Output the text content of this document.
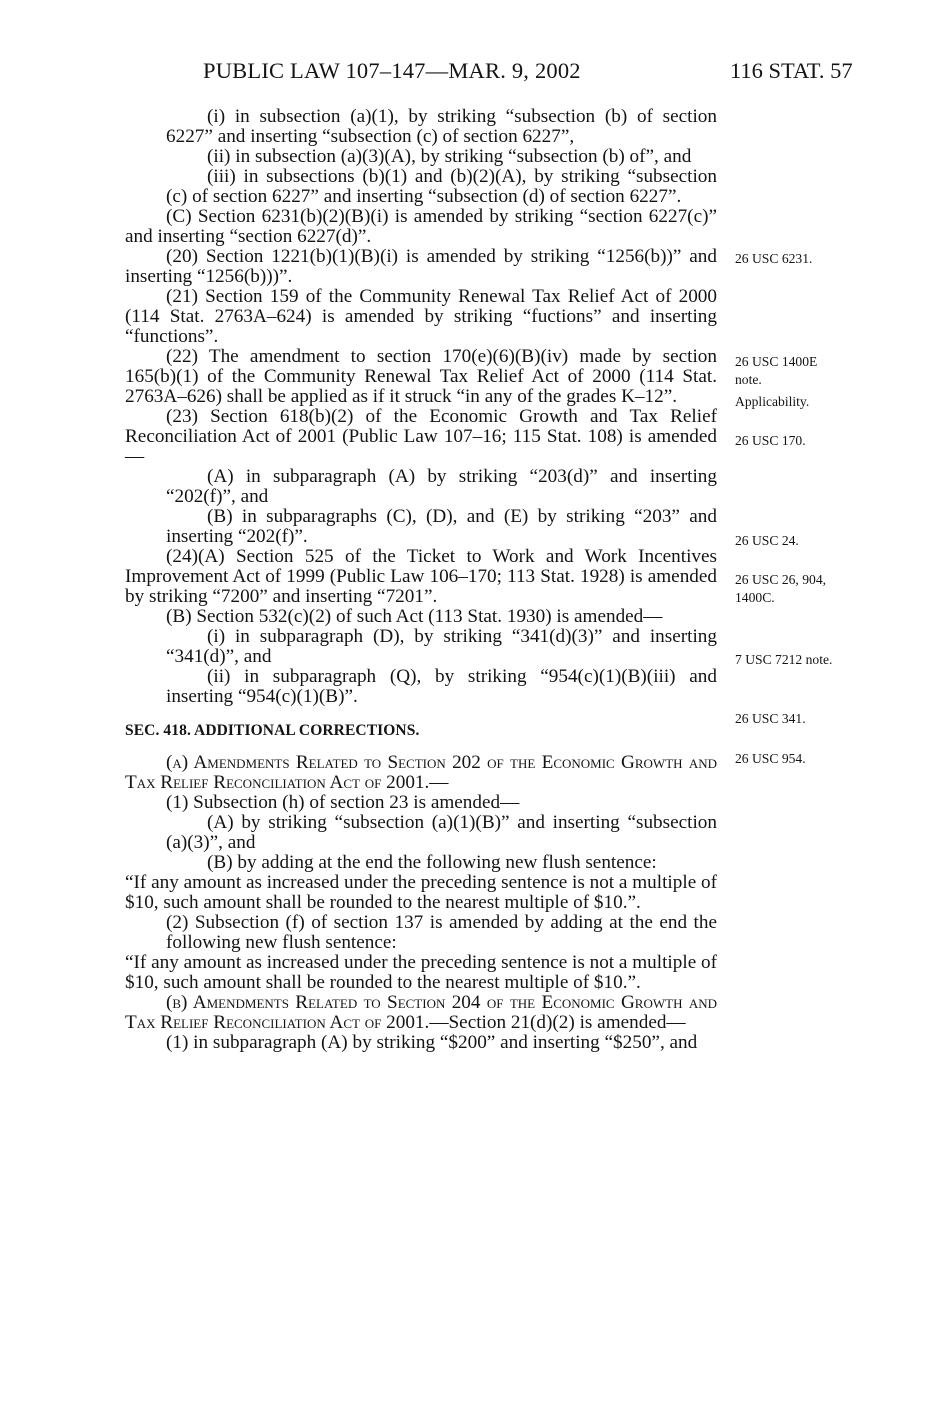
PUBLIC LAW 107–147—MAR. 9, 2002	116 STAT. 57

(i) in subsection (a)(1), by striking “subsection (b) of section 6227” and inserting “subsection (c) of section 6227”,

(ii) in subsection (a)(3)(A), by striking “subsection (b) of”, and

(iii) in subsections (b)(1) and (b)(2)(A), by striking “subsection (c) of section 6227” and inserting “subsection (d) of section 6227”.

(C) Section 6231(b)(2)(B)(i) is amended by striking “section 6227(c)” and inserting “section 6227(d)”.

(20) Section 1221(b)(1)(B)(i) is amended by striking “1256(b))” and inserting “1256(b)))”.

(21) Section 159 of the Community Renewal Tax Relief Act of 2000 (114 Stat. 2763A–624) is amended by striking “fuctions” and inserting “functions”.

(22) The amendment to section 170(e)(6)(B)(iv) made by section 165(b)(1) of the Community Renewal Tax Relief Act of 2000 (114 Stat. 2763A–626) shall be applied as if it struck “in any of the grades K–12”.

(23) Section 618(b)(2) of the Economic Growth and Tax Relief Reconciliation Act of 2001 (Public Law 107–16; 115 Stat. 108) is amended—

(A) in subparagraph (A) by striking “203(d)” and inserting “202(f)”, and

(B) in subparagraphs (C), (D), and (E) by striking “203” and inserting “202(f)”.

(24)(A) Section 525 of the Ticket to Work and Work Incentives Improvement Act of 1999 (Public Law 106–170; 113 Stat. 1928) is amended by striking “7200” and inserting “7201”.

(B) Section 532(c)(2) of such Act (113 Stat. 1930) is amended—

(i) in subparagraph (D), by striking “341(d)(3)” and inserting “341(d)”, and

(ii) in subparagraph (Q), by striking “954(c)(1)(B)(iii) and inserting “954(c)(1)(B)”.

SEC. 418. ADDITIONAL CORRECTIONS.

(a) Amendments Related to Section 202 of the Economic Growth and Tax Relief Reconciliation Act of 2001.—

(1) Subsection (h) of section 23 is amended—

(A) by striking “subsection (a)(1)(B)” and inserting “subsection (a)(3)”, and

(B) by adding at the end the following new flush sentence:

“If any amount as increased under the preceding sentence is not a multiple of $10, such amount shall be rounded to the nearest multiple of $10.”.

(2) Subsection (f) of section 137 is amended by adding at the end the following new flush sentence:

“If any amount as increased under the preceding sentence is not a multiple of $10, such amount shall be rounded to the nearest multiple of $10.”.

(b) Amendments Related to Section 204 of the Economic Growth and Tax Relief Reconciliation Act of 2001.—Section 21(d)(2) is amended—

(1) in subparagraph (A) by striking “$200” and inserting “$250”, and

26 USC 6231.
26 USC 1400E
note.
Applicability.
26 USC 170.
26 USC 24.
26 USC 26, 904,
1400C.
7 USC 7212 note.
26 USC 341.
26 USC 954.
